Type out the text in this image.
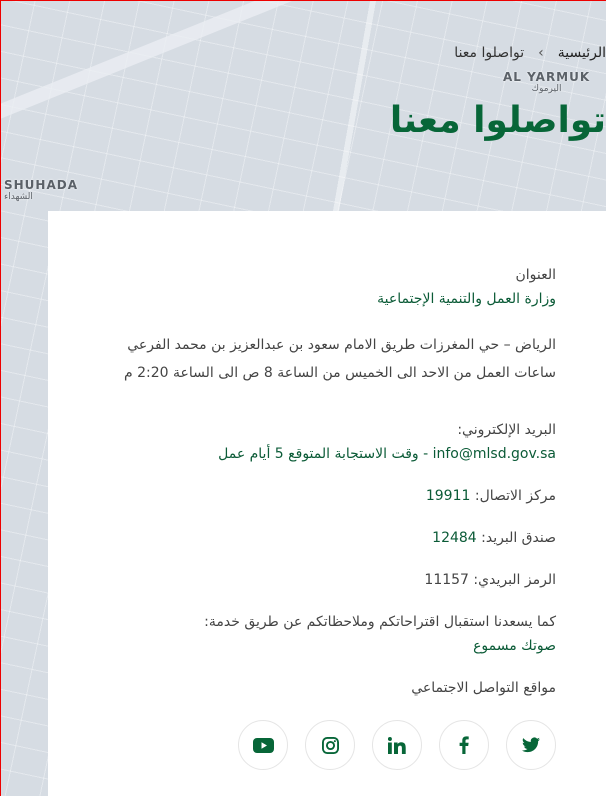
AL YARMUK
اليرموك
SHUHADA
الشهداء
الرئيسية
›
تواصلوا معنا
تواصلوا معنا

العنوان

وزارة العمل والتنمية الإجتماعية

الرياض – حي المغرزات طريق الامام سعود بن عبدالعزيز بن محمد الفرعي

ساعات العمل من الاحد الى الخميس من الساعة 8 ص الى الساعة 2:20 م

البريد الإلكتروني:

info@mlsd.gov.sa - وقت الاستجابة المتوقع 5 أيام عمل

مركز الاتصال: 19911

صندق البريد: 12484

الرمز البريدي: 11157

كما يسعدنا استقبال اقتراحاتكم وملاحظاتكم عن طريق خدمة:

صوتك مسموع

مواقع التواصل الاجتماعي
